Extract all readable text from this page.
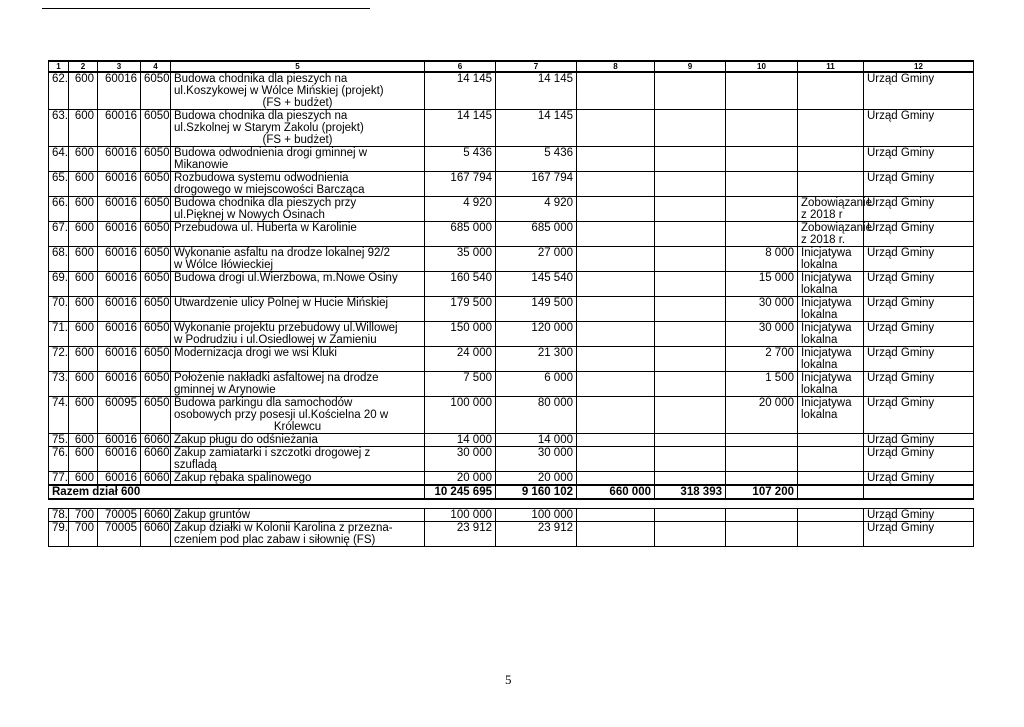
1	2	3	4	5	6	7	8	9	10	11	12
62.	600	60016	6050	Budowa chodnika dla pieszych na
ul.Koszykowej w Wólce Mińskiej (projekt)
(FS + budżet)	14 145	14 145					Urząd Gminy
63.	600	60016	6050	Budowa chodnika dla pieszych na
ul.Szkolnej w Starym Zakolu (projekt)
(FS + budżet)	14 145	14 145					Urząd Gminy
64.	600	60016	6050	Budowa odwodnienia drogi gminnej w
Mikanowie	5 436	5 436					Urząd Gminy
65.	600	60016	6050	Rozbudowa systemu odwodnienia
drogowego w miejscowości Barcząca	167 794	167 794					Urząd Gminy
66.	600	60016	6050	Budowa chodnika dla pieszych przy
ul.Pięknej w Nowych Osinach	4 920	4 920				Zobowiązanie z 2018 r	Urząd Gminy
67.	600	60016	6050	Przebudowa ul. Huberta w Karolinie	685 000	685 000				Zobowiązanie z 2018 r.	Urząd Gminy
68.	600	60016	6050	Wykonanie asfaltu na drodze lokalnej 92/2
w Wólce Iłówieckiej	35 000	27 000			8 000	Inicjatywa lokalna	Urząd Gminy
69.	600	60016	6050	Budowa drogi ul.Wierzbowa, m.Nowe Osiny	160 540	145 540			15 000	Inicjatywa lokalna	Urząd Gminy
70.	600	60016	6050	Utwardzenie ulicy Polnej w Hucie Mińskiej	179 500	149 500			30 000	Inicjatywa lokalna	Urząd Gminy
71.	600	60016	6050	Wykonanie projektu przebudowy ul.Willowej
w Podrudziu i ul.Osiedlowej w Zamieniu	150 000	120 000			30 000	Inicjatywa lokalna	Urząd Gminy
72.	600	60016	6050	Modernizacja drogi we wsi Kluki	24 000	21 300			2 700	Inicjatywa lokalna	Urząd Gminy
73.	600	60016	6050	Położenie nakładki asfaltowej na drodze
gminnej w Arynowie	7 500	6 000			1 500	Inicjatywa lokalna	Urząd Gminy
74.	600	60095	6050	Budowa parkingu dla samochodów
osobowych przy posesji ul.Kościelna 20 w
Królewcu	100 000	80 000			20 000	Inicjatywa lokalna	Urząd Gminy
75.	600	60016	6060	Zakup pługu do odśnieżania	14 000	14 000					Urząd Gminy
76.	600	60016	6060	Zakup zamiatarki i szczotki drogowej z
szufladą	30 000	30 000					Urząd Gminy
77.	600	60016	6060	Zakup rębaka spalinowego	20 000	20 000					Urząd Gminy
Razem dział 600					10 245 695	9 160 102	660 000	318 393	107 200		

78.	700	70005	6060	Zakup gruntów	100 000	100 000					Urząd Gminy
79.	700	70005	6060	Zakup działki w Kolonii Karolina z przezna-
czeniem pod plac zabaw i siłownię (FS)	23 912	23 912					Urząd Gminy
5
